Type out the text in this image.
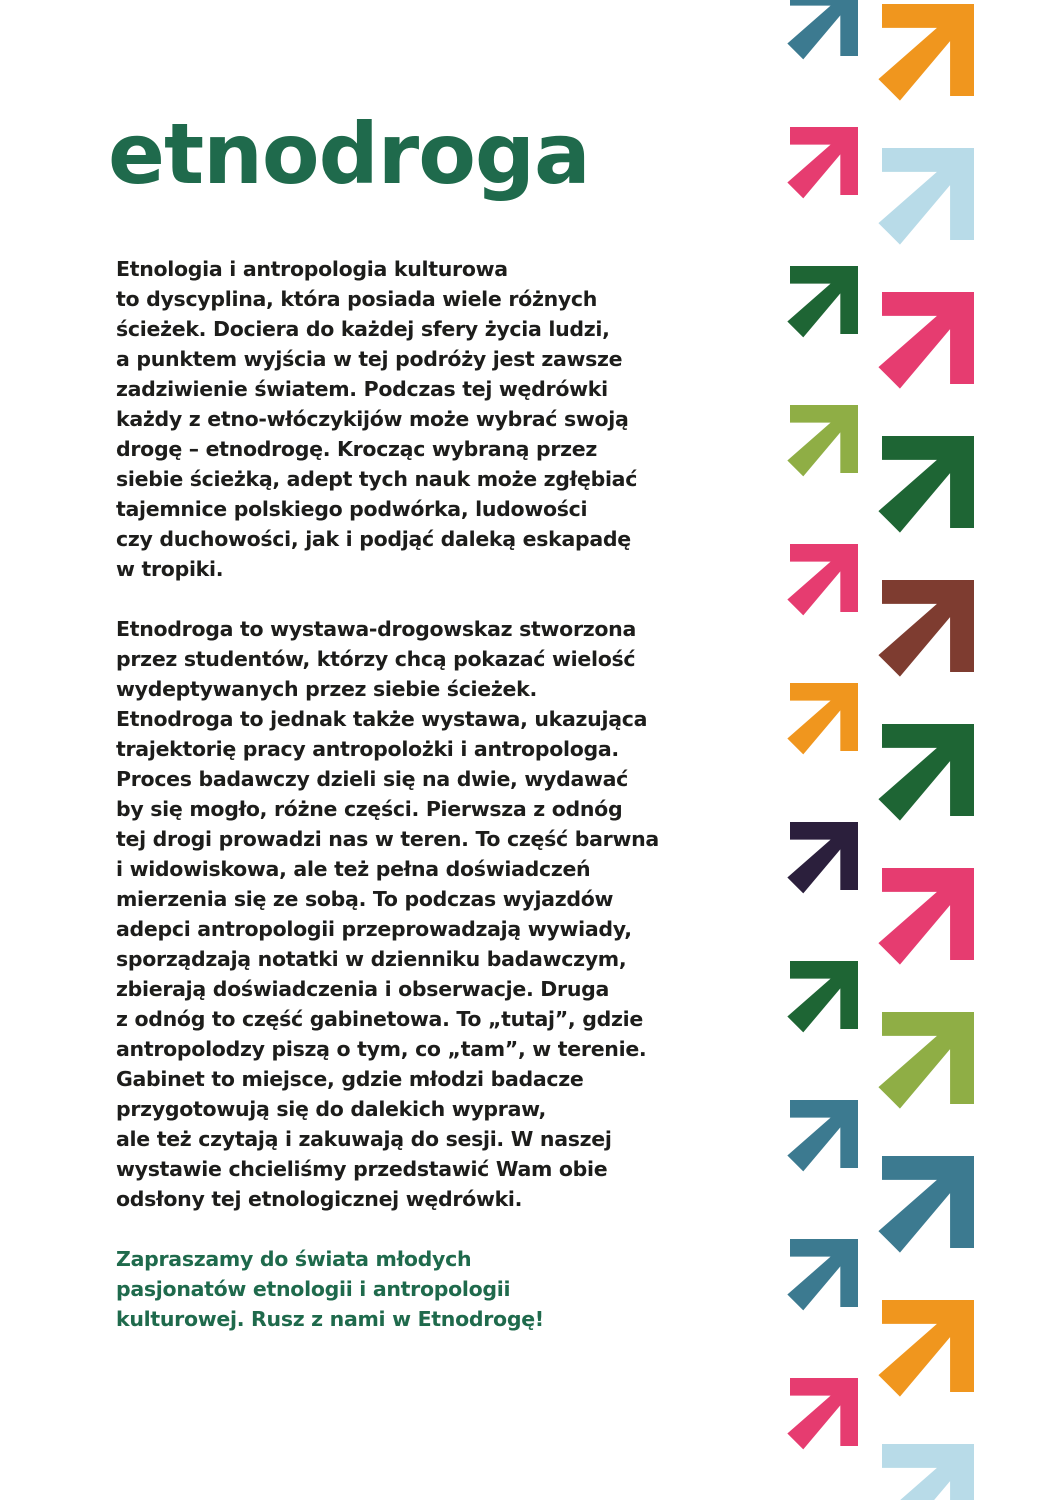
etnodroga
Etnologia i antropologia kulturowa
to dyscyplina, która posiada wiele różnych
ścieżek. Dociera do każdej sfery życia ludzi,
a punktem wyjścia w tej podróży jest zawsze
zadziwienie światem. Podczas tej wędrówki
każdy z etno-włóczykijów może wybrać swoją
drogę – etnodrogę. Krocząc wybraną przez
siebie ścieżką, adept tych nauk może zgłębiać
tajemnice polskiego podwórka, ludowości
czy duchowości, jak i podjąć daleką eskapadę
w tropiki.
Etnodroga to wystawa-drogowskaz stworzona
przez studentów, którzy chcą pokazać wielość
wydeptywanych przez siebie ścieżek.
Etnodroga to jednak także wystawa, ukazująca
trajektorię pracy antropolożki i antropologa.
Proces badawczy dzieli się na dwie, wydawać
by się mogło, różne części. Pierwsza z odnóg
tej drogi prowadzi nas w teren. To część barwna
i widowiskowa, ale też pełna doświadczeń
mierzenia się ze sobą. To podczas wyjazdów
adepci antropologii przeprowadzają wywiady,
sporządzają notatki w dzienniku badawczym,
zbierają doświadczenia i obserwacje. Druga
z odnóg to część gabinetowa. To „tutaj”, gdzie
antropolodzy piszą o tym, co „tam”, w terenie.
Gabinet to miejsce, gdzie młodzi badacze
przygotowują się do dalekich wypraw,
ale też czytają i zakuwają do sesji. W naszej
wystawie chcieliśmy przedstawić Wam obie
odsłony tej etnologicznej wędrówki.
Zapraszamy do świata młodych
pasjonatów etnologii i antropologii
kulturowej. Rusz z nami w Etnodrogę!
